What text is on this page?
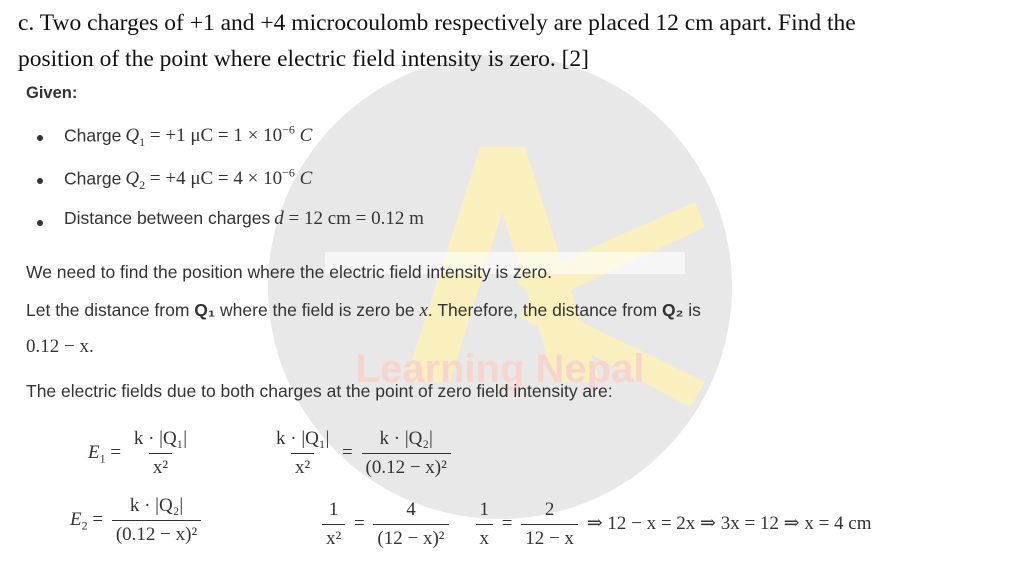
Learning Nepal
c. Two charges of +1 and +4 microcoulomb respectively are placed 12 cm apart. Find the
position of the point where electric field intensity is zero. [2]
Given:
Charge $Q_1 = +1$ $\mu C = 1 \times 10^{-6}$ C
Charge $Q_2 = +4$ $\mu C = 4 \times 10^{-6}$ C
Distance between charges d = 12 cm = 0.12 m
We need to find the position where the electric field intensity is zero.
Let the distance from Q₁ where the field is zero be x. Therefore, the distance from Q₂ is
0.12 − x.
The electric fields due to both charges at the point of zero field intensity are:
$E_1 = \frac{\text{k · |Q₁|}}{\text{x²}}$	$\frac{\text{k · |Q₁|}}{\text{x²}} = \frac{\text{k · |Q₂|}}{\text{(0.12 − x)²}}$
$E_2 = \frac{\text{k · |Q₂|}}{\text{(0.12 − x)²}}$	$\frac{1}{\text{x²}} = \frac{4}{\text{(12 − x)²}}$
$\frac{1}{x} = \frac{2}{12 - x}$ ⇒ 12 − x = 2x ⇒ 3x = 12 ⇒ x = 4 cm
